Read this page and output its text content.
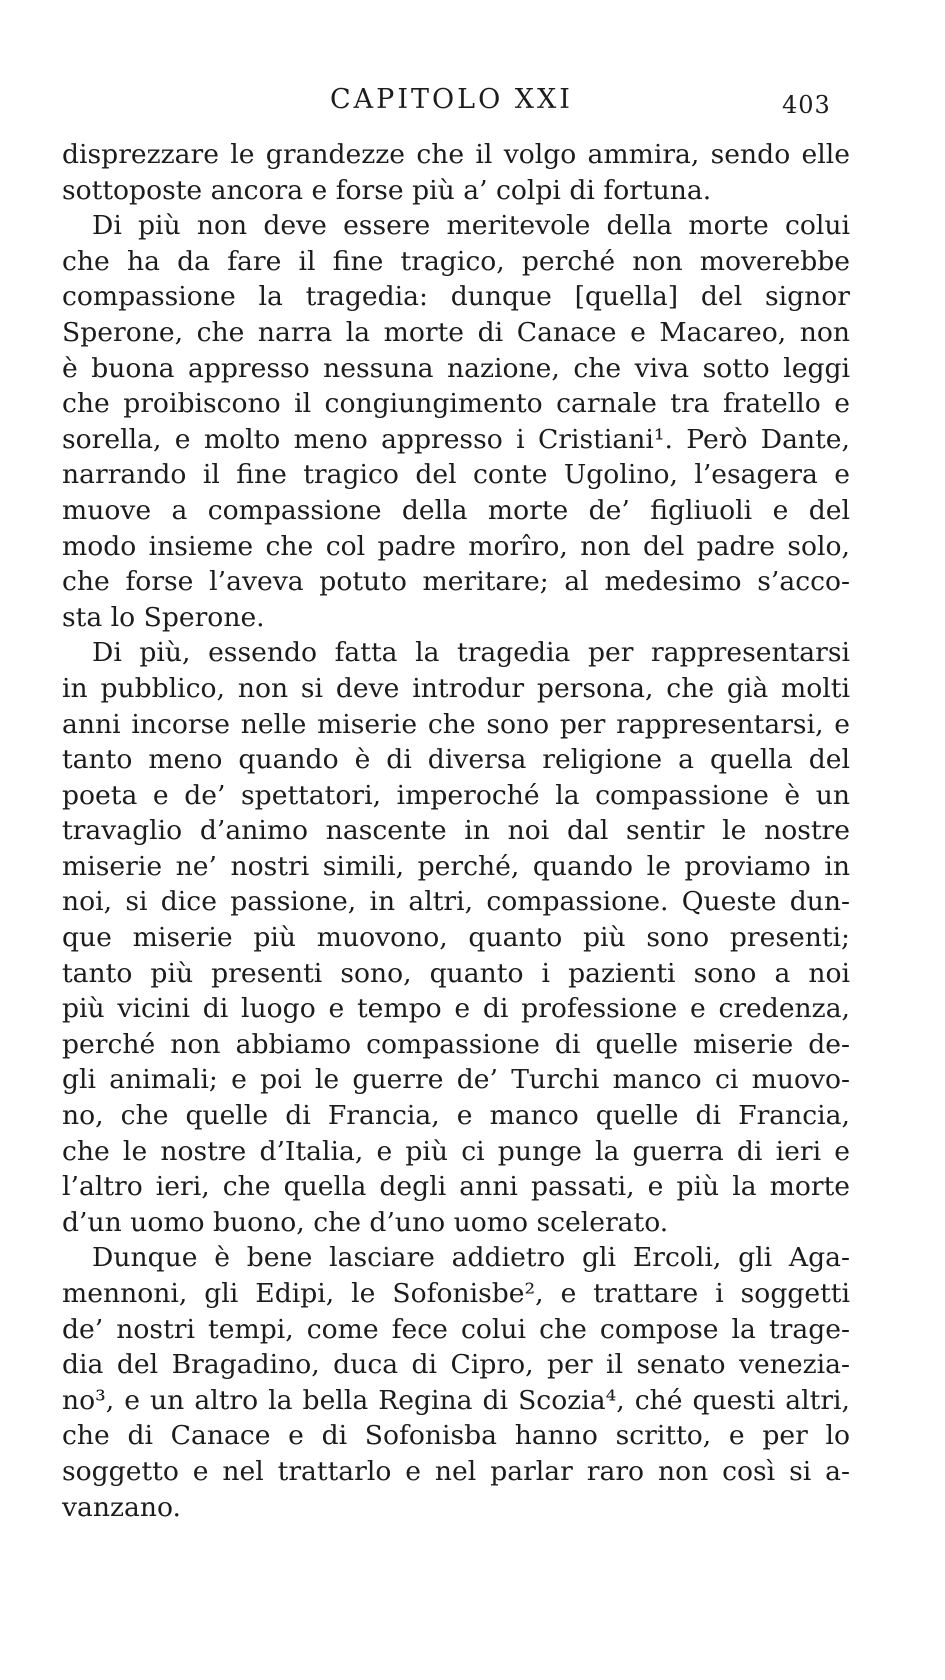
CAPITOLO XXI	403
disprezzare le grandezze che il volgo ammira, sendo elle
sottoposte ancora e forse più a’ colpi di fortuna.
Di più non deve essere meritevole della morte colui
che ha da fare il fine tragico, perché non moverebbe
compassione la tragedia: dunque [quella] del signor
Sperone, che narra la morte di Canace e Macareo, non
è buona appresso nessuna nazione, che viva sotto leggi
che proibiscono il congiungimento carnale tra fratello e
sorella, e molto meno appresso i Cristiani¹. Però Dante,
narrando il fine tragico del conte Ugolino, l’esagera e
muove a compassione della morte de’ figliuoli e del
modo insieme che col padre morîro, non del padre solo,
che forse l’aveva potuto meritare; al medesimo s’acco-
sta lo Sperone.
Di più, essendo fatta la tragedia per rappresentarsi
in pubblico, non si deve introdur persona, che già molti
anni incorse nelle miserie che sono per rappresentarsi, e
tanto meno quando è di diversa religione a quella del
poeta e de’ spettatori, imperoché la compassione è un
travaglio d’animo nascente in noi dal sentir le nostre
miserie ne’ nostri simili, perché, quando le proviamo in
noi, si dice passione, in altri, compassione. Queste dun-
que miserie più muovono, quanto più sono presenti;
tanto più presenti sono, quanto i pazienti sono a noi
più vicini di luogo e tempo e di professione e credenza,
perché non abbiamo compassione di quelle miserie de-
gli animali; e poi le guerre de’ Turchi manco ci muovo-
no, che quelle di Francia, e manco quelle di Francia,
che le nostre d’Italia, e più ci punge la guerra di ieri e
l’altro ieri, che quella degli anni passati, e più la morte
d’un uomo buono, che d’uno uomo scelerato.
Dunque è bene lasciare addietro gli Ercoli, gli Aga-
mennoni, gli Edipi, le Sofonisbe², e trattare i soggetti
de’ nostri tempi, come fece colui che compose la trage-
dia del Bragadino, duca di Cipro, per il senato venezia-
no³, e un altro la bella Regina di Scozia⁴, ché questi altri,
che di Canace e di Sofonisba hanno scritto, e per lo
soggetto e nel trattarlo e nel parlar raro non così si a-
vanzano.
